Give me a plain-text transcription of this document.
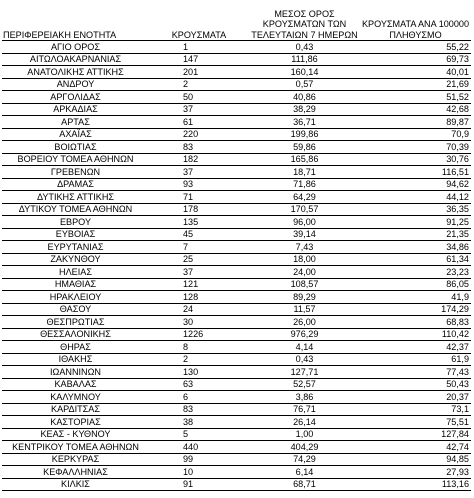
ΠΕΡΙΦΕΡΕΙΑΚΗ ΕΝΟΤΗΤΑ	ΚΡΟΥΣΜΑΤΑ	ΜΕΣΟΣ ΟΡΟΣ ΚΡΟΥΣΜΑΤΩΝ ΤΩΝ ΤΕΛΕΥΤΑΙΩΝ 7 ΗΜΕΡΩΝ	ΚΡΟΥΣΜΑΤΑ ΑΝΑ 100000 ΠΛΗΘΥΣΜΟ
ΑΓΙΟ ΟΡΟΣ	1	0,43	55,22
ΑΙΤΩΛΟΑΚΑΡΝΑΝΙΑΣ	147	111,86	69,73
ΑΝΑΤΟΛΙΚΗΣ ΑΤΤΙΚΗΣ	201	160,14	40,01
ΑΝΔΡΟΥ	2	0,57	21,69
ΑΡΓΟΛΙΔΑΣ	50	40,86	51,52
ΑΡΚΑΔΙΑΣ	37	38,29	42,68
ΑΡΤΑΣ	61	36,71	89,87
ΑΧΑΪΑΣ	220	199,86	70,9
ΒΟΙΩΤΙΑΣ	83	59,86	70,39
ΒΟΡΕΙΟΥ ΤΟΜΕΑ ΑΘΗΝΩΝ	182	165,86	30,76
ΓΡΕΒΕΝΩΝ	37	18,71	116,51
ΔΡΑΜΑΣ	93	71,86	94,62
ΔΥΤΙΚΗΣ ΑΤΤΙΚΗΣ	71	64,29	44,12
ΔΥΤΙΚΟΥ ΤΟΜΕΑ ΑΘΗΝΩΝ	178	170,57	36,35
ΕΒΡΟΥ	135	96,00	91,25
ΕΥΒΟΙΑΣ	45	39,14	21,35
ΕΥΡΥΤΑΝΙΑΣ	7	7,43	34,86
ΖΑΚΥΝΘΟΥ	25	18,00	61,34
ΗΛΕΙΑΣ	37	24,00	23,23
ΗΜΑΘΙΑΣ	121	108,57	86,05
ΗΡΑΚΛΕΙΟΥ	128	89,29	41,9
ΘΑΣΟΥ	24	11,57	174,29
ΘΕΣΠΡΩΤΙΑΣ	30	26,00	68,83
ΘΕΣΣΑΛΟΝΙΚΗΣ	1226	976,29	110,42
ΘΗΡΑΣ	8	4,14	42,37
ΙΘΑΚΗΣ	2	0,43	61,9
ΙΩΑΝΝΙΝΩΝ	130	127,71	77,43
ΚΑΒΑΛΑΣ	63	52,57	50,43
ΚΑΛΥΜΝΟΥ	6	3,86	20,37
ΚΑΡΔΙΤΣΑΣ	83	76,71	73,1
ΚΑΣΤΟΡΙΑΣ	38	26,14	75,51
ΚΕΑΣ - ΚΥΘΝΟΥ	5	1,00	127,84
ΚΕΝΤΡΙΚΟΥ ΤΟΜΕΑ ΑΘΗΝΩΝ	440	404,29	42,74
ΚΕΡΚΥΡΑΣ	99	74,29	94,85
ΚΕΦΑΛΛΗΝΙΑΣ	10	6,14	27,93
ΚΙΛΚΙΣ	91	68,71	113,16
